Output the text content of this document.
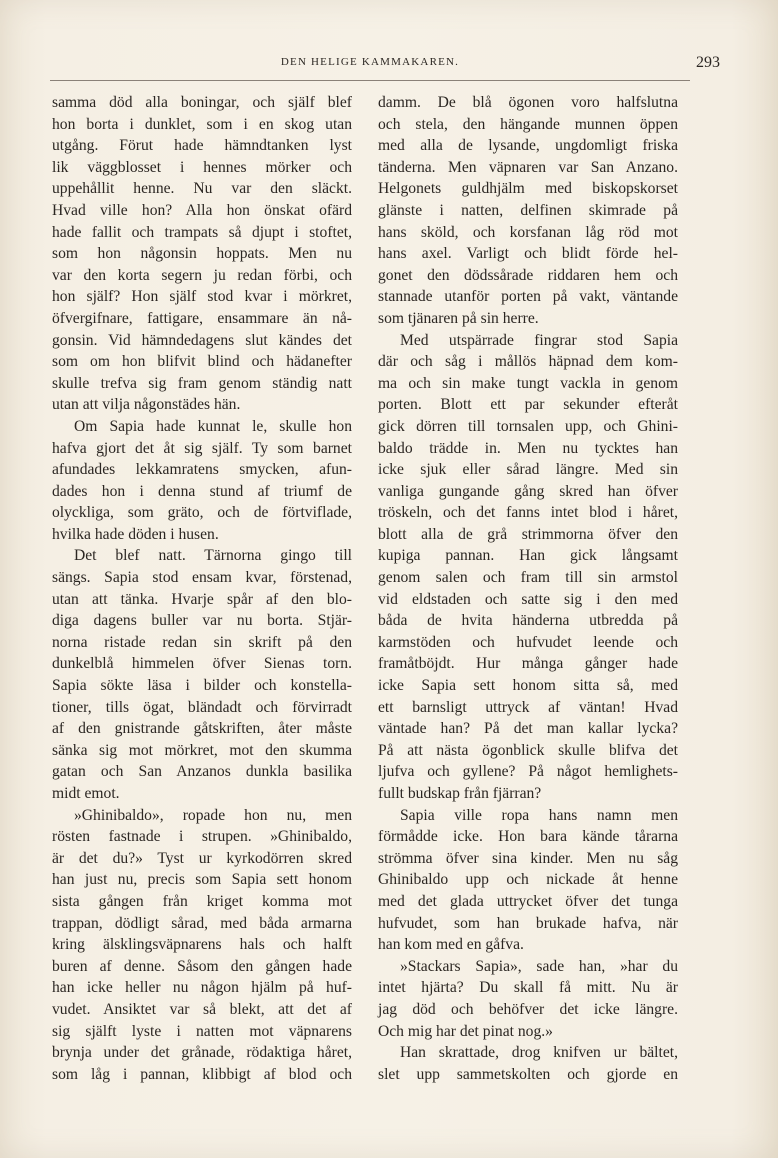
DEN HELIGE KAMMAKAREN.	293
samma död alla boningar, och själf blef
hon borta i dunklet, som i en skog utan
utgång. Förut hade hämndtanken lyst
lik väggblosset i hennes mörker och
uppehållit henne. Nu var den släckt.
Hvad ville hon? Alla hon önskat ofärd
hade fallit och trampats så djupt i stoftet,
som hon någonsin hoppats. Men nu
var den korta segern ju redan förbi, och
hon själf? Hon själf stod kvar i mörkret,
öfvergifnare, fattigare, ensammare än nå-
gonsin. Vid hämndedagens slut kändes det
som om hon blifvit blind och hädanefter
skulle trefva sig fram genom ständig natt
utan att vilja någonstädes hän.
Om Sapia hade kunnat le, skulle hon
hafva gjort det åt sig själf. Ty som barnet
afundades lekkamratens smycken, afun-
dades hon i denna stund af triumf de
olyckliga, som gräto, och de förtviflade,
hvilka hade döden i husen.
Det blef natt. Tärnorna gingo till
sängs. Sapia stod ensam kvar, förstenad,
utan att tänka. Hvarje spår af den blo-
diga dagens buller var nu borta. Stjär-
norna ristade redan sin skrift på den
dunkelblå himmelen öfver Sienas torn.
Sapia sökte läsa i bilder och konstella-
tioner, tills ögat, bländadt och förvirradt
af den gnistrande gåtskriften, åter måste
sänka sig mot mörkret, mot den skumma
gatan och San Anzanos dunkla basilika
midt emot.
»Ghinibaldo», ropade hon nu, men
rösten fastnade i strupen. »Ghinibaldo,
är det du?» Tyst ur kyrkodörren skred
han just nu, precis som Sapia sett honom
sista gången från kriget komma mot
trappan, dödligt sårad, med båda armarna
kring älsklingsväpnarens hals och halft
buren af denne. Såsom den gången hade
han icke heller nu någon hjälm på huf-
vudet. Ansiktet var så blekt, att det af
sig själft lyste i natten mot väpnarens
brynja under det grånade, rödaktiga håret,
som låg i pannan, klibbigt af blod och
damm. De blå ögonen voro halfslutna
och stela, den hängande munnen öppen
med alla de lysande, ungdomligt friska
tänderna. Men väpnaren var San Anzano.
Helgonets guldhjälm med biskopskorset
glänste i natten, delfinen skimrade på
hans sköld, och korsfanan låg röd mot
hans axel. Varligt och blidt förde hel-
gonet den dödssårade riddaren hem och
stannade utanför porten på vakt, väntande
som tjänaren på sin herre.
Med utspärrade fingrar stod Sapia
där och såg i mållös häpnad dem kom-
ma och sin make tungt vackla in genom
porten. Blott ett par sekunder efteråt
gick dörren till tornsalen upp, och Ghini-
baldo trädde in. Men nu tycktes han
icke sjuk eller sårad längre. Med sin
vanliga gungande gång skred han öfver
tröskeln, och det fanns intet blod i håret,
blott alla de grå strimmorna öfver den
kupiga pannan. Han gick långsamt
genom salen och fram till sin armstol
vid eldstaden och satte sig i den med
båda de hvita händerna utbredda på
karmstöden och hufvudet leende och
framåtböjdt. Hur många gånger hade
icke Sapia sett honom sitta så, med
ett barnsligt uttryck af väntan! Hvad
väntade han? På det man kallar lycka?
På att nästa ögonblick skulle blifva det
ljufva och gyllene? På något hemlighets-
fullt budskap från fjärran?
Sapia ville ropa hans namn men
förmådde icke. Hon bara kände tårarna
strömma öfver sina kinder. Men nu såg
Ghinibaldo upp och nickade åt henne
med det glada uttrycket öfver det tunga
hufvudet, som han brukade hafva, när
han kom med en gåfva.
»Stackars Sapia», sade han, »har du
intet hjärta? Du skall få mitt. Nu är
jag död och behöfver det icke längre.
Och mig har det pinat nog.»
Han skrattade, drog knifven ur bältet,
slet upp sammetskolten och gjorde en
